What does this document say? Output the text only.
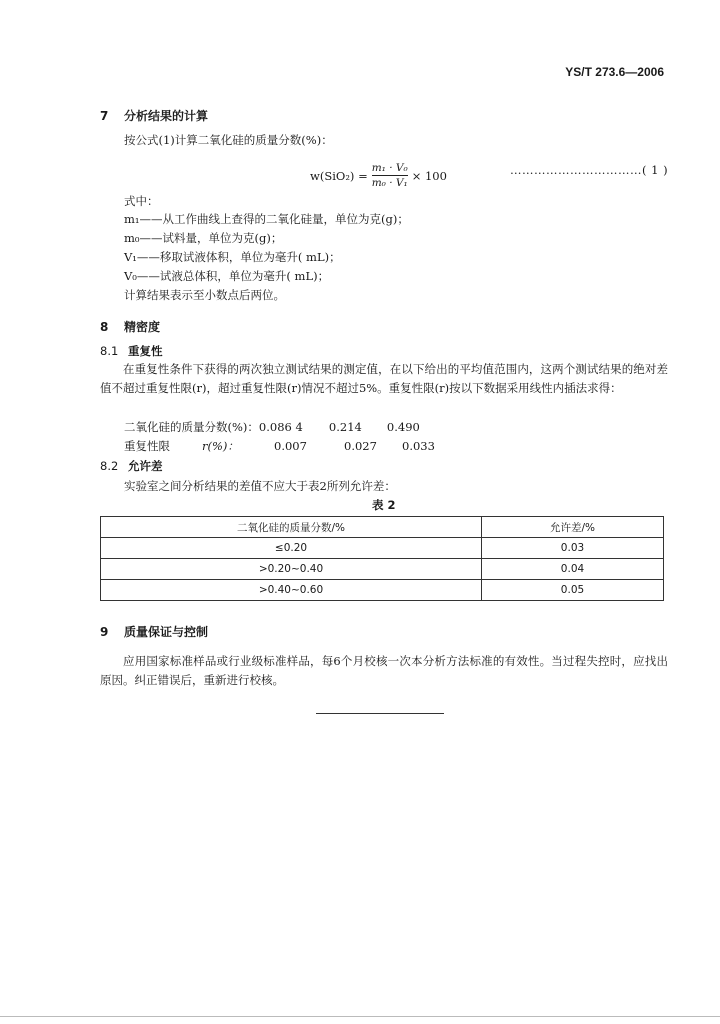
YS/T 273.6—2006
7 分析结果的计算
按公式(1)计算二氧化硅的质量分数(%)：
$w(SiO_2) = \frac{\text{m₁ · V₀}}{\text{m₀ · V₁}} \times 100$	……………………………( 1 )
式中：
m₁——从工作曲线上查得的二氧化硅量，单位为克(g)；
m₀——试料量，单位为克(g)；
V₁——移取试液体积，单位为毫升( mL)；
V₀——试液总体积，单位为毫升( mL)；
计算结果表示至小数点后两位。
8 精密度
8.1 重复性
在重复性条件下获得的两次独立测试结果的测定值，在以下给出的平均值范围内，这两个测试结果的绝对差值不超过重复性限(r)，超过重复性限(r)情况不超过5%。重复性限(r)按以下数据采用线性内插法求得：
二氧化硅的质量分数(%)：0.086 4 0.214 0.490
重复性限	r(%)：	0.007	0.027 0.033
8.2 允许差
实验室之间分析结果的差值不应大于表2所列允许差：
表 2
二氧化硅的质量分数/%	允许差/%
≤0.20	0.03
>0.20~0.40	0.04
>0.40~0.60	0.05
9 质量保证与控制
应用国家标准样品或行业级标准样品，每6个月校核一次本分析方法标准的有效性。当过程失控时，应找出原因。纠正错误后，重新进行校核。
